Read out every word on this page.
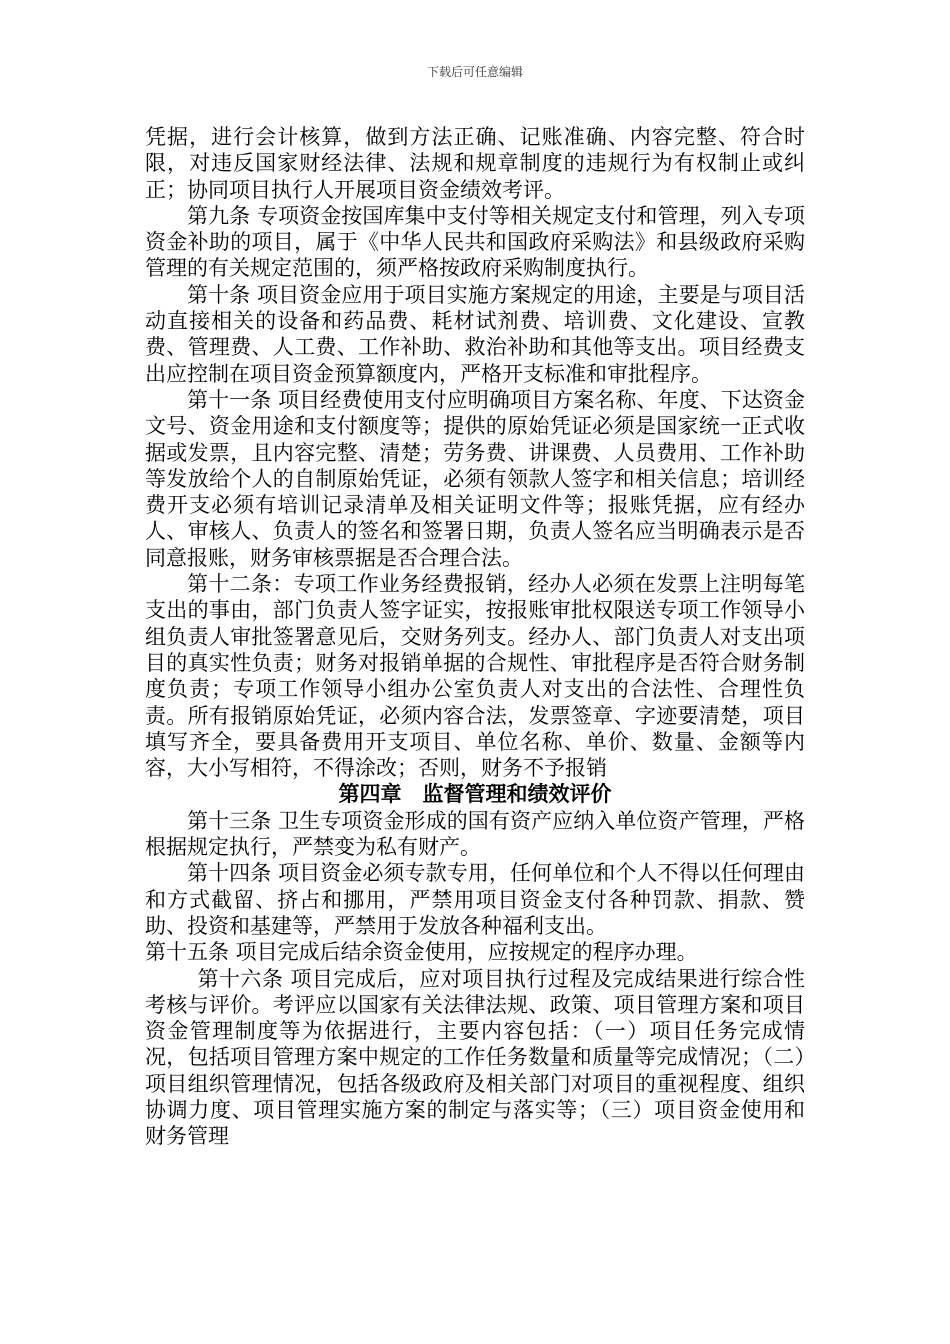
下载后可任意编辑

凭据，进行会计核算，做到方法正确、记账准确、内容完整、符合时限，对违反国家财经法律、法规和规章制度的违规行为有权制止或纠正；协同项目执行人开展项目资金绩效考评。

第九条 专项资金按国库集中支付等相关规定支付和管理，列入专项资金补助的项目，属于《中华人民共和国政府采购法》和县级政府采购管理的有关规定范围的，须严格按政府采购制度执行。

第十条 项目资金应用于项目实施方案规定的用途，主要是与项目活动直接相关的设备和药品费、耗材试剂费、培训费、文化建设、宣教费、管理费、人工费、工作补助、救治补助和其他等支出。项目经费支出应控制在项目资金预算额度内，严格开支标准和审批程序。

第十一条 项目经费使用支付应明确项目方案名称、年度、下达资金文号、资金用途和支付额度等；提供的原始凭证必须是国家统一正式收据或发票，且内容完整、清楚；劳务费、讲课费、人员费用、工作补助等发放给个人的自制原始凭证，必须有领款人签字和相关信息；培训经费开支必须有培训记录清单及相关证明文件等；报账凭据，应有经办人、审核人、负责人的签名和签署日期，负责人签名应当明确表示是否同意报账，财务审核票据是否合理合法。

第十二条：专项工作业务经费报销，经办人必须在发票上注明每笔支出的事由，部门负责人签字证实，按报账审批权限送专项工作领导小组负责人审批签署意见后，交财务列支。经办人、部门负责人对支出项目的真实性负责；财务对报销单据的合规性、审批程序是否符合财务制度负责；专项工作领导小组办公室负责人对支出的合法性、合理性负责。所有报销原始凭证，必须内容合法，发票签章、字迹要清楚，项目填写齐全，要具备费用开支项目、单位名称、单价、数量、金额等内容，大小写相符，不得涂改；否则，财务不予报销

第四章　监督管理和绩效评价

第十三条 卫生专项资金形成的国有资产应纳入单位资产管理，严格根据规定执行，严禁变为私有财产。

第十四条 项目资金必须专款专用，任何单位和个人不得以任何理由和方式截留、挤占和挪用，严禁用项目资金支付各种罚款、捐款、赞助、投资和基建等，严禁用于发放各种福利支出。

第十五条 项目完成后结余资金使用，应按规定的程序办理。

第十六条 项目完成后，应对项目执行过程及完成结果进行综合性考核与评价。考评应以国家有关法律法规、政策、项目管理方案和项目资金管理制度等为依据进行，主要内容包括：（一）项目任务完成情况，包括项目管理方案中规定的工作任务数量和质量等完成情况；（二）项目组织管理情况，包括各级政府及相关部门对项目的重视程度、组织协调力度、项目管理实施方案的制定与落实等；（三）项目资金使用和财务管理
